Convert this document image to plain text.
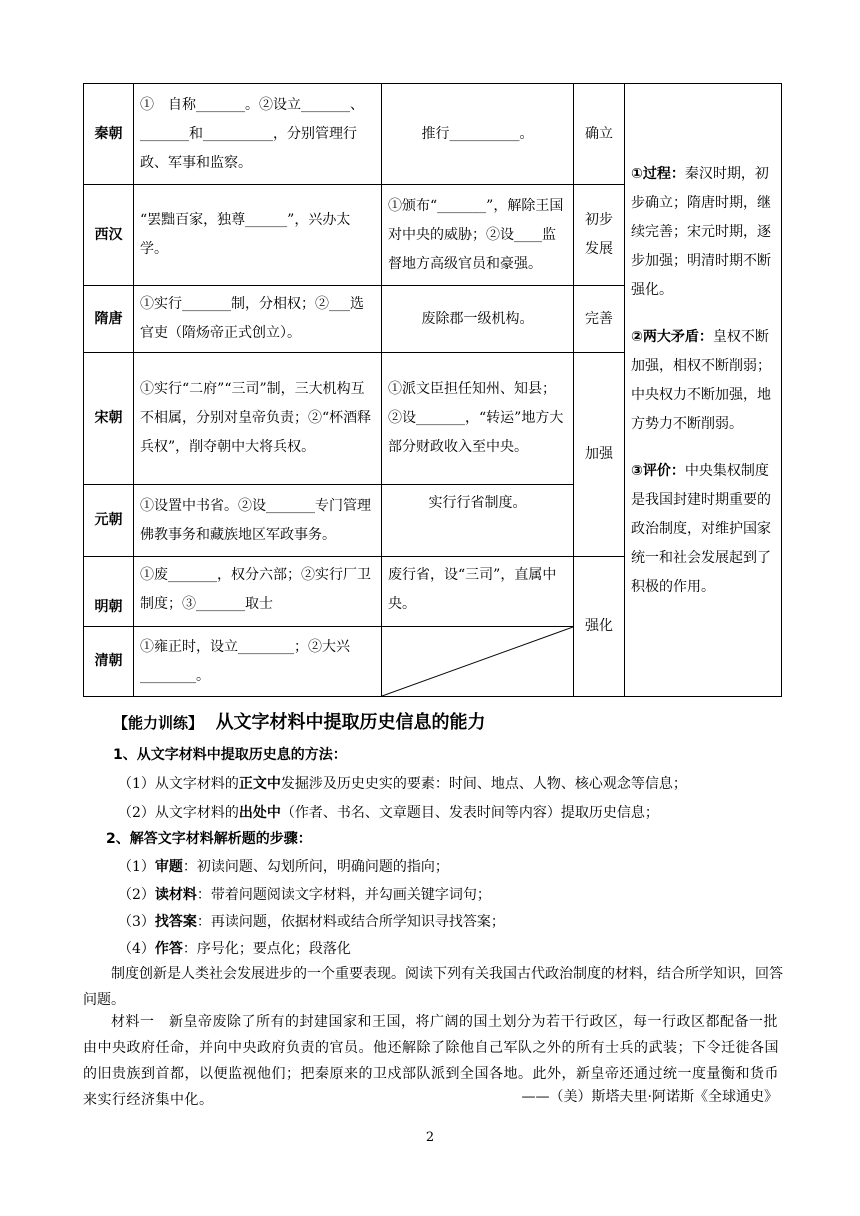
秦朝	①　自称_______。②设立_______、_______和__________，分别管理行政、军事和监察。	推行__________。	确立	①过程：秦汉时期，初步确立；隋唐时期，继续完善；宋元时期，逐步加强；明清时期不断强化。
②两大矛盾：皇权不断加强，相权不断削弱；中央权力不断加强，地方势力不断削弱。
③评价：中央集权制度是我国封建时期重要的政治制度，对维护国家统一和社会发展起到了积极的作用。

西汉	“罢黜百家，独尊______”，兴办太学。	①颁布“_______”，解除王国对中央的威胁；②设____监督地方高级官员和豪强。	初步发展	
隋唐	①实行_______制，分相权；②___选官吏（隋炀帝正式创立）。	废除郡一级机构。	完善	
宋朝	①实行“二府”“三司”制，三大机构互不相属，分别对皇帝负责；②“杯酒释兵权”，削夺朝中大将兵权。	①派文臣担任知州、知县；②设_______，“转运”地方大部分财政收入至中央。	加强	
元朝	①设置中书省。②设_______专门管理佛教事务和藏族地区军政事务。	实行行省制度。		
明朝	①废_______，权分六部；②实行厂卫制度；③_______取士	废行省，设“三司”，直属中央。	强化	
清朝	①雍正时，设立________；②大兴________。	
【能力训练】 从文字材料中提取历史信息的能力
1、从文字材料中提取历史息的方法：
（1）从文字材料的正文中发掘涉及历史史实的要素：时间、地点、人物、核心观念等信息；
（2）从文字材料的出处中（作者、书名、文章题目、发表时间等内容）提取历史信息；
2、解答文字材料解析题的步骤：
（1）审题：初读问题、勾划所问，明确问题的指向；
（2）读材料：带着问题阅读文字材料，并勾画关键字词句；
（3）找答案：再读问题，依据材料或结合所学知识寻找答案；
（4）作答：序号化；要点化；段落化
制度创新是人类社会发展进步的一个重要表现。阅读下列有关我国古代政治制度的材料，结合所学知识，回答问题。
材料一　新皇帝废除了所有的封建国家和王国，将广阔的国土划分为若干行政区，每一行政区都配备一批由中央政府任命，并向中央政府负责的官员。他还解除了除他自己军队之外的所有士兵的武装；下令迁徙各国的旧贵族到首都，以便监视他们；把秦原来的卫戍部队派到全国各地。此外，新皇帝还通过统一度量衡和货币来实行经济集中化。	——（美）斯塔夫里·阿诺斯《全球通史》
2
